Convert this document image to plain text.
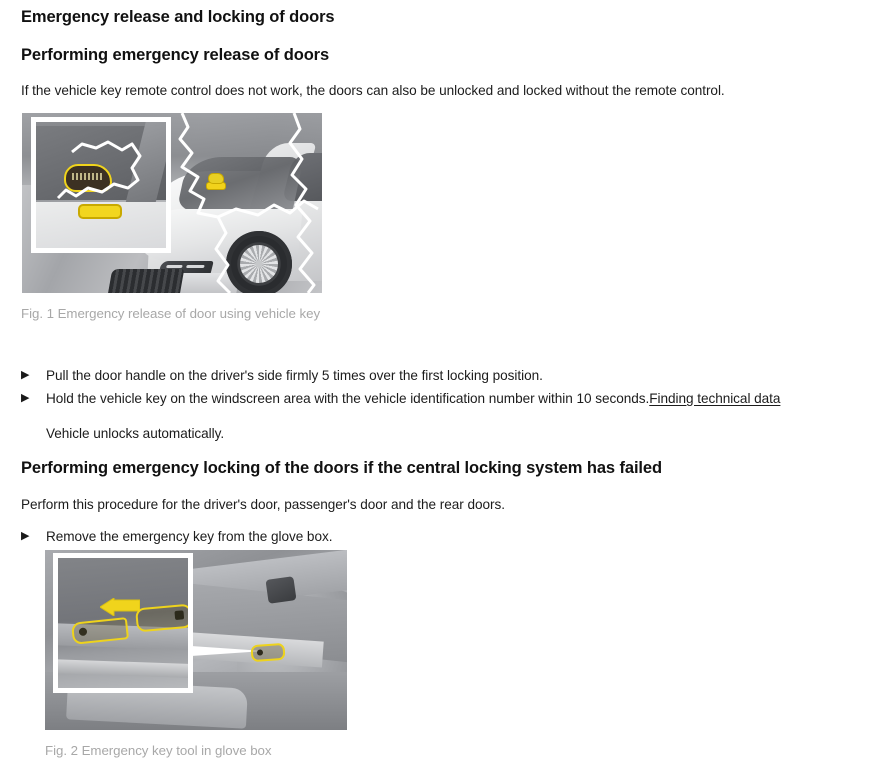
Emergency release and locking of doors
Performing emergency release of doors

If the vehicle key remote control does not work, the doors can also be unlocked and locked without the remote control.

Fig. 1 Emergency release of door using vehicle key
▶	Pull the door handle on the driver's side firmly 5 times over the first locking position.
▶	Hold the vehicle key on the windscreen area with the vehicle identification number within 10 seconds.Finding technical data
Vehicle unlocks automatically.
Performing emergency locking of the doors if the central locking system has failed

Perform this procedure for the driver's door, passenger's door and the rear doors.

▶	Remove the emergency key from the glove box.
Fig. 2 Emergency key tool in glove box
